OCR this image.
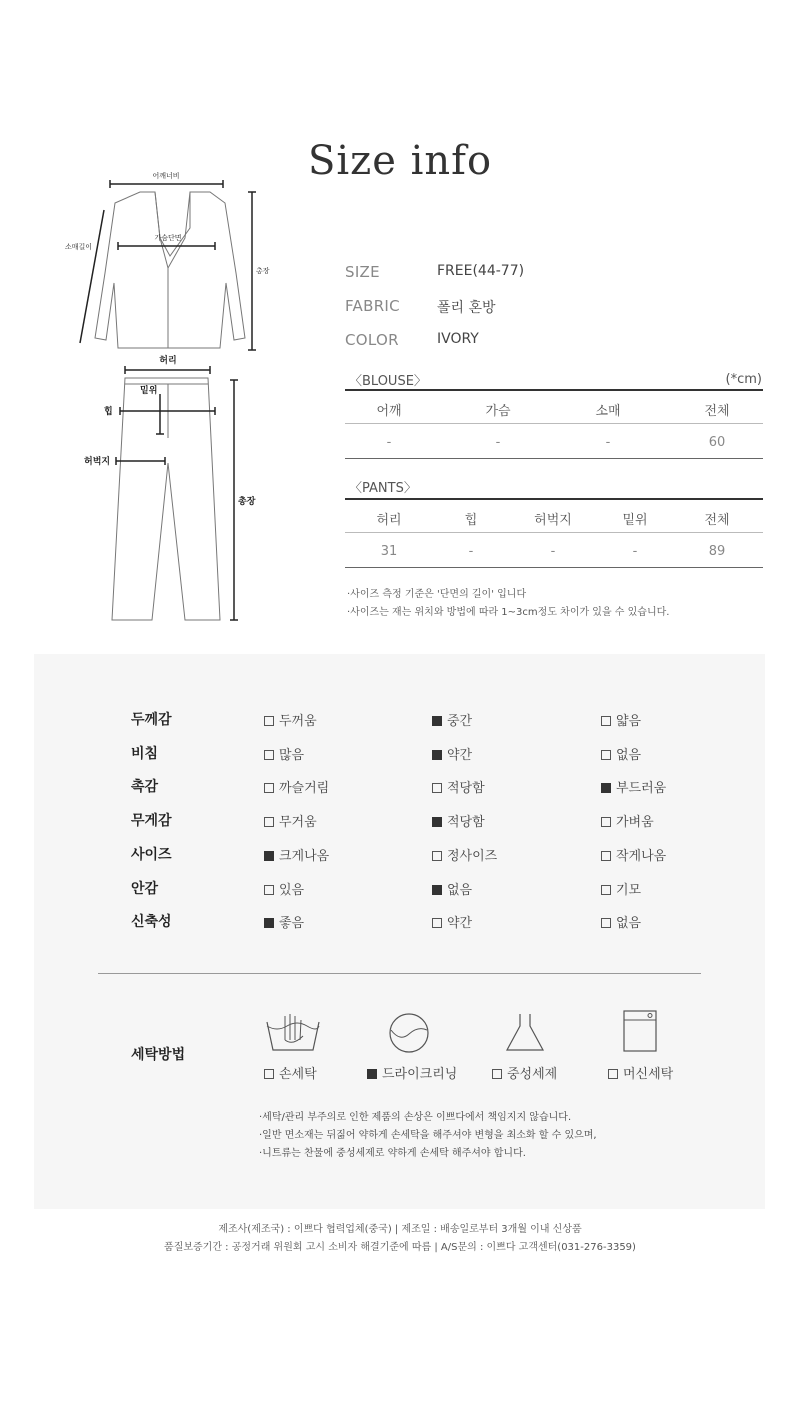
Size info
어깨너비
가슴단면
소매길이
총장
허리
밑위
힙
허벅지
총장
SIZE	FREE(44-77)
FABRIC	폴리 혼방
COLOR	IVORY
〈BLOUSE〉	(*cm)
어깨	가슴	소매	전체
-	-	-	60
〈PANTS〉
허리	힙	허벅지	밑위	전체
31	-	-	-	89
·사이즈 측정 기준은 '단면의 길이' 입니다
·사이즈는 재는 위치와 방법에 따라 1~3cm정도 차이가 있을 수 있습니다.
두께감	두꺼움	중간	얇음
비침	많음	약간	없음
촉감	까슬거림	적당함	부드러움
무게감	무거움	적당함	가벼움
사이즈	크게나옴	정사이즈	작게나옴
안감	있음	없음	기모
신축성	좋음	약간	없음
세탁방법
손세탁	드라이크리닝	중성세제	머신세탁
·세탁/관리 부주의로 인한 제품의 손상은 이쁘다에서 책임지지 않습니다.
·일반 면소재는 뒤짊어 약하게 손세탁을 해주셔야 변형을 최소화 할 수 있으며,
·니트류는 찬물에 중성세제로 약하게 손세탁 해주셔야 합니다.
제조사(제조국) : 이쁘다 협력업체(중국) | 제조일 : 배송일로부터 3개월 이내 신상품
품질보증기간 : 공정거래 위원회 고시 소비자 해결기준에 따름 | A/S문의 : 이쁘다 고객센터(031-276-3359)
